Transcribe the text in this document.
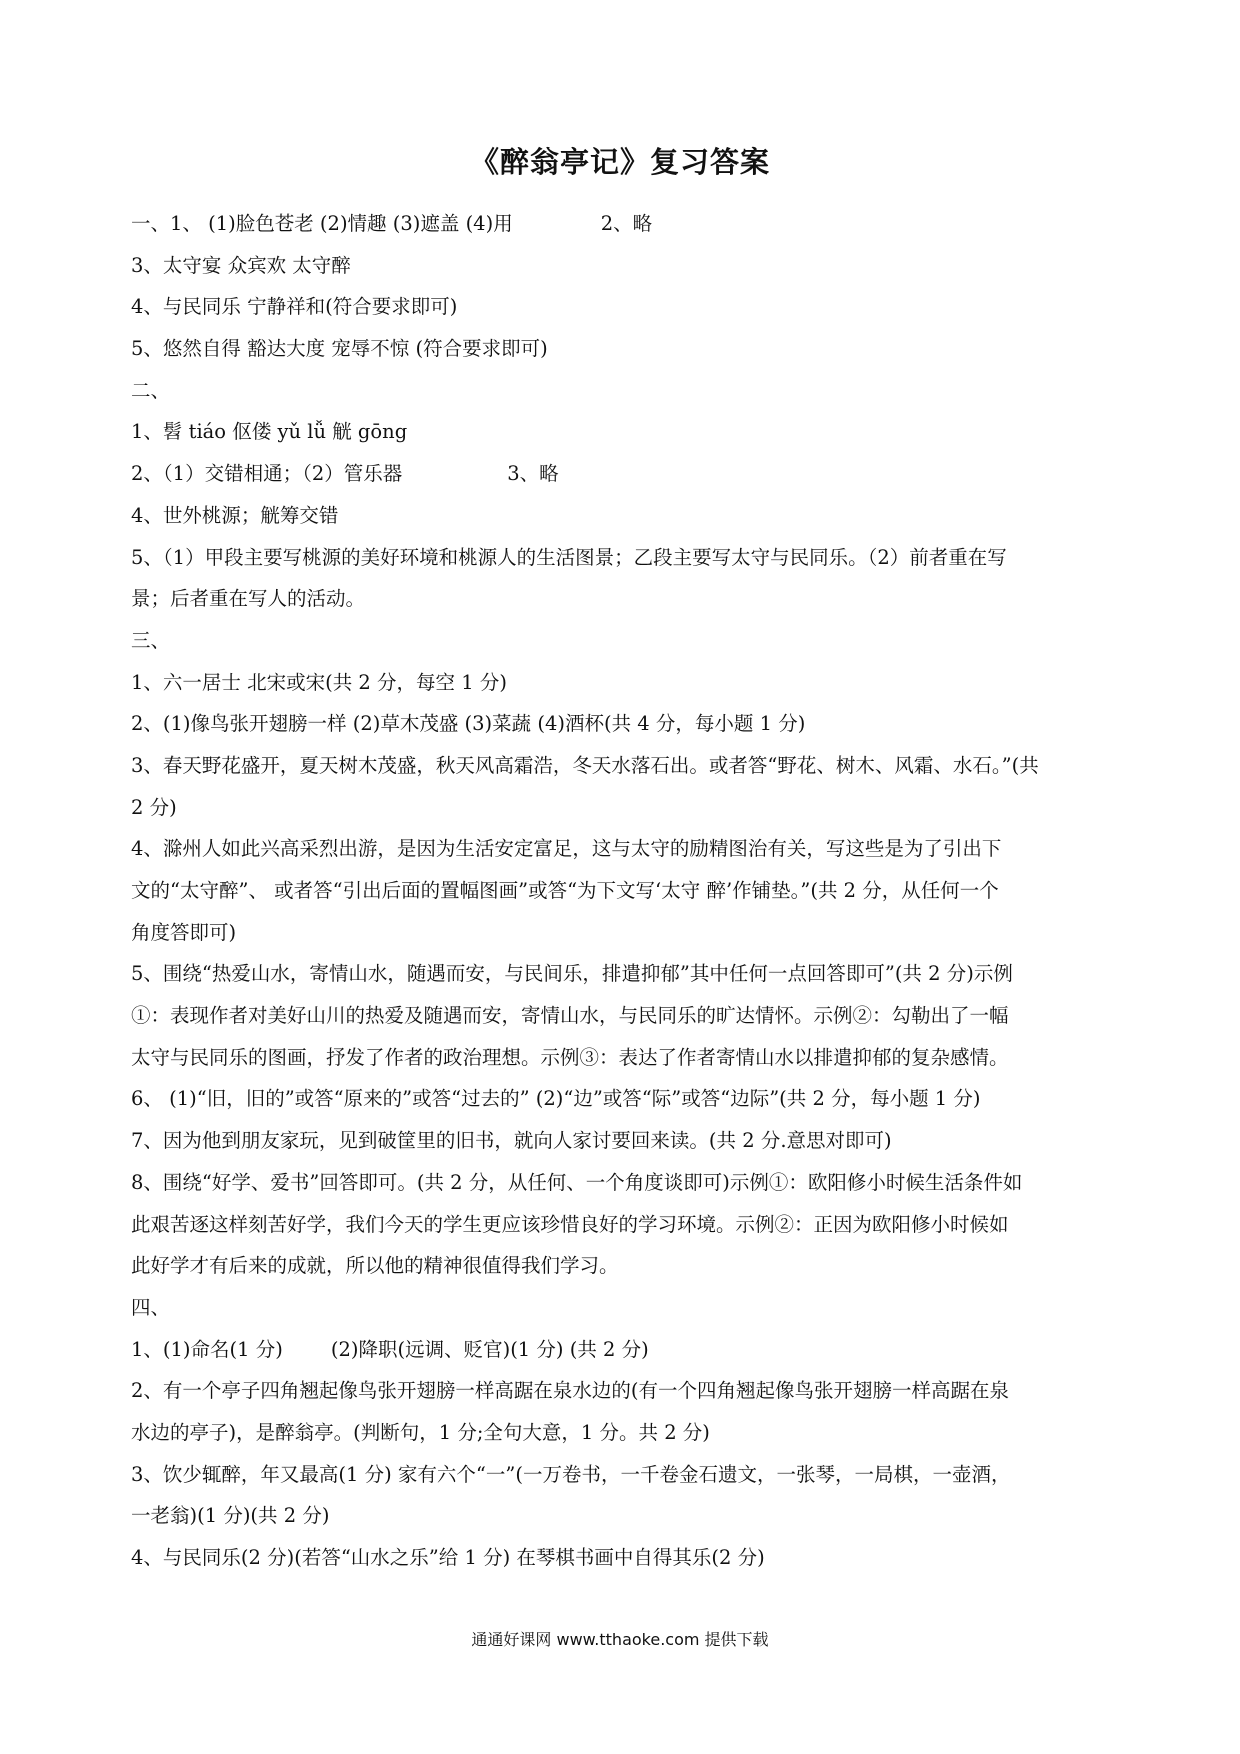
《醉翁亭记》复习答案
一、1、 (1)脸色苍老 (2)情趣 (3)遮盖 (4)用	2、略
3、太守宴 众宾欢 太守醉
4、与民同乐 宁静祥和(符合要求即可)
5、悠然自得 豁达大度 宠辱不惊 (符合要求即可)
二、
1、髫 tiáo 伛偻 yǔ lǚ 觥 gōng
2、（1）交错相通；（2）管乐器	3、略
4、世外桃源；觥筹交错
5、（1）甲段主要写桃源的美好环境和桃源人的生活图景；乙段主要写太守与民同乐。（2）前者重在写
景；后者重在写人的活动。
三、
1、六一居士 北宋或宋(共 2 分，每空 1 分)
2、(1)像鸟张开翅膀一样 (2)草木茂盛 (3)菜蔬 (4)酒杯(共 4 分，每小题 1 分)
3、春天野花盛开，夏天树木茂盛，秋天风高霜浩，冬天水落石出。或者答“野花、树木、风霜、水石。”(共
2 分)
4、滁州人如此兴高采烈出游，是因为生活安定富足，这与太守的励精图治有关，写这些是为了引出下
文的“太守醉”、 或者答“引出后面的置幅图画”或答“为下文写‘太守 醉’作铺垫。”(共 2 分，从任何一个
角度答即可)
5、围绕“热爱山水，寄情山水，随遇而安，与民间乐，排遣抑郁”其中任何一点回答即可”(共 2 分)示例
①：表现作者对美好山川的热爱及随遇而安，寄情山水，与民同乐的旷达情怀。示例②：勾勒出了一幅
太守与民同乐的图画，抒发了作者的政治理想。示例③：表达了作者寄情山水以排遣抑郁的复杂感情。
6、 (1)“旧，旧的”或答“原来的”或答“过去的” (2)“边”或答“际”或答“边际”(共 2 分，每小题 1 分)
7、因为他到朋友家玩，见到破筐里的旧书，就向人家讨要回来读。(共 2 分.意思对即可)
8、围绕“好学、爱书”回答即可。(共 2 分，从任何、一个角度谈即可)示例①：欧阳修小时候生活条件如
此艰苦逐这样刻苦好学，我们今天的学生更应该珍惜良好的学习环境。示例②：正因为欧阳修小时候如
此好学才有后来的成就，所以他的精神很值得我们学习。
四、
1、(1)命名(1 分) (2)降职(远调、贬官)(1 分) (共 2 分)
2、有一个亭子四角翘起像鸟张开翅膀一样高踞在泉水边的(有一个四角翘起像鸟张开翅膀一样高踞在泉
水边的亭子)，是醉翁亭。(判断句，1 分;全句大意，1 分。共 2 分)
3、饮少辄醉，年又最高(1 分) 家有六个“一”(一万卷书，一千卷金石遗文，一张琴，一局棋，一壶酒，
一老翁)(1 分)(共 2 分)
4、与民同乐(2 分)(若答“山水之乐”给 1 分) 在琴棋书画中自得其乐(2 分)
通通好课网 www.tthaoke.com 提供下载
